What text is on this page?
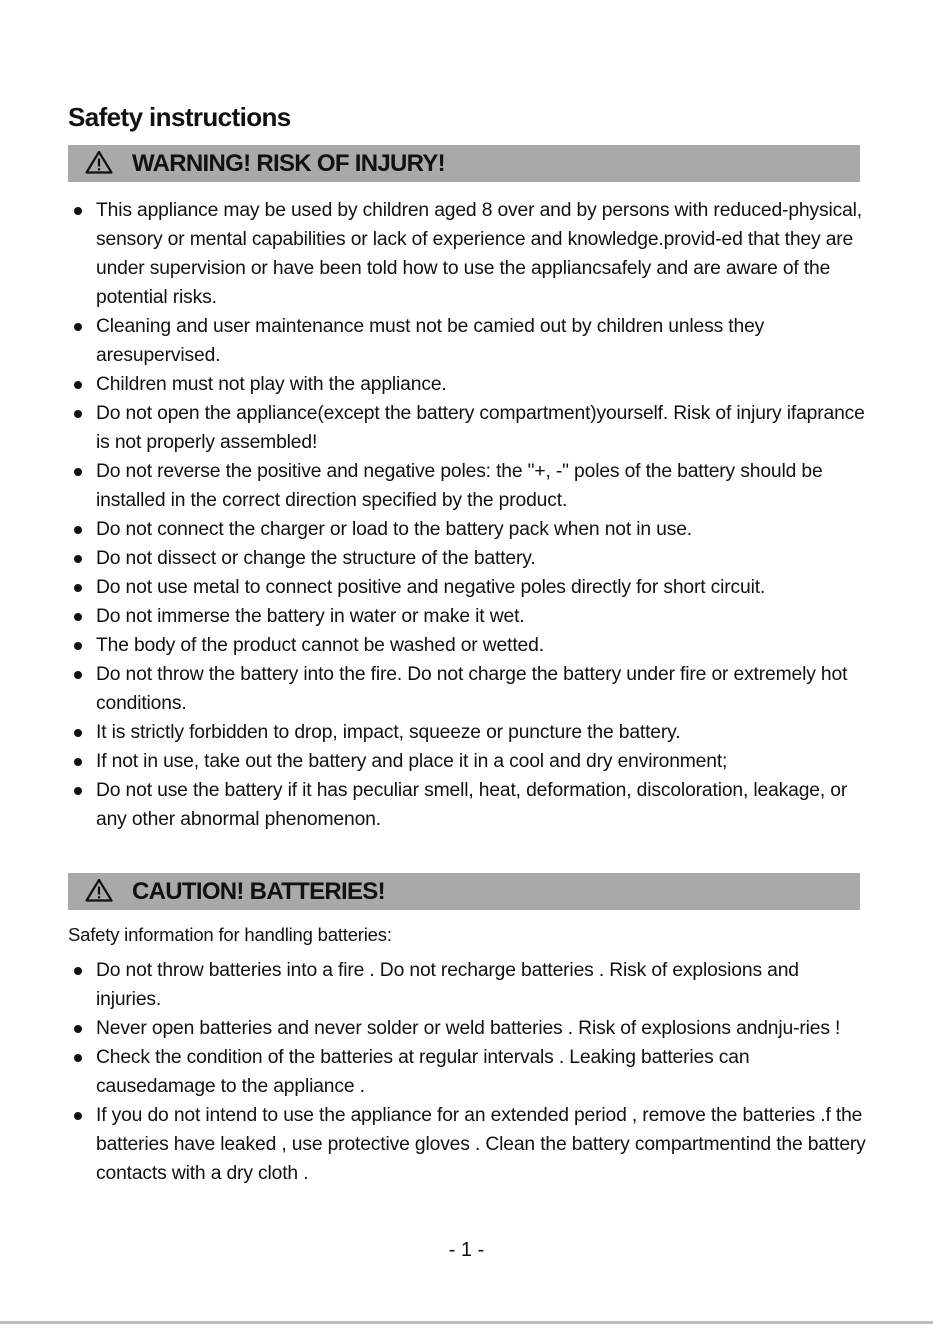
Safety instructions
WARNING! RISK OF INJURY!
This appliance may be used by children aged 8 over and by persons with reduced-physical, sensory or mental capabilities or lack of experience and knowledge.provid-ed that they are under supervision or have been told how to use the appliancsafely and are aware of the potential risks.
Cleaning and user maintenance must not be camied out by children unless they aresupervised.
Children must not play with the appliance.
Do not open the appliance(except the battery compartment)yourself. Risk of injury ifaprance is not properly assembled!
Do not reverse the positive and negative poles: the "+, -" poles of the battery should be installed in the correct direction specified by the product.
Do not connect the charger or load to the battery pack when not in use.
Do not dissect or change the structure of the battery.
Do not use metal to connect positive and negative poles directly for short circuit.
Do not immerse the battery in water or make it wet.
The body of the product cannot be washed or wetted.
Do not throw the battery into the fire. Do not charge the battery under fire or extremely hot conditions.
It is strictly forbidden to drop, impact, squeeze or puncture the battery.
If not in use, take out the battery and place it in a cool and dry environment;
Do not use the battery if it has peculiar smell, heat, deformation, discoloration, leakage, or any other abnormal phenomenon.
CAUTION! BATTERIES!
Safety information for handling batteries:
Do not throw batteries into a fire . Do not recharge batteries . Risk of explosions and injuries.
Never open batteries and never solder or weld batteries . Risk of explosions andnju-ries !
Check the condition of the batteries at regular intervals . Leaking batteries can causedamage to the appliance .
If you do not intend to use the appliance for an extended period , remove the batteries .f the batteries have leaked , use protective gloves . Clean the battery compartmentind the battery contacts with a dry cloth .
- 1 -
